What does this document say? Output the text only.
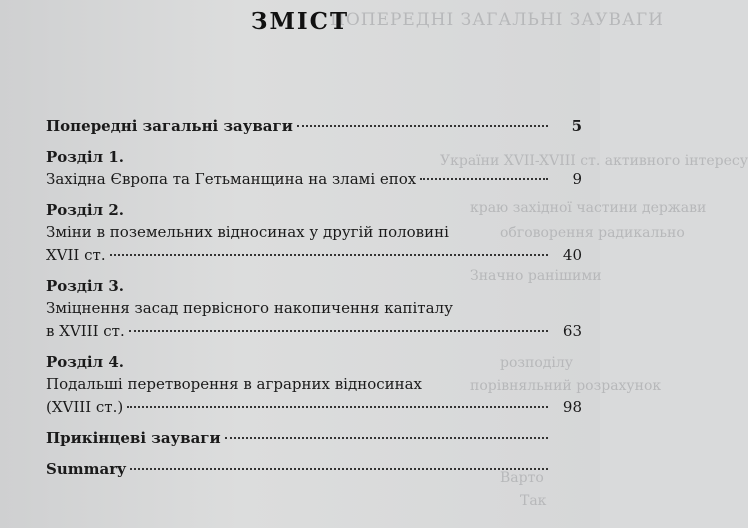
ПОПЕРЕДНІ ЗАГАЛЬНІ ЗАУВАГИ
України XVII-XVIII ст. активного інтересу
краю західної частини держави
обговорення радикально
Значно ранішими
розподілу
порівняльний розрахунок
Варто
Так
ЗМІСТ
Попередні загальні зауваги	5
Розділ 1.
Західна Європа та Гетьманщина на зламі епох	9
Розділ 2.
Зміни в поземельних відносинах у другій половині
XVII ст.	40
Розділ 3.
Зміцнення засад первісного накопичення капіталу
в XVIII ст.	63
Розділ 4.
Подальші перетворення в аграрних відносинах
(XVIII ст.)	98
Прикінцеві зауваги
Summary
